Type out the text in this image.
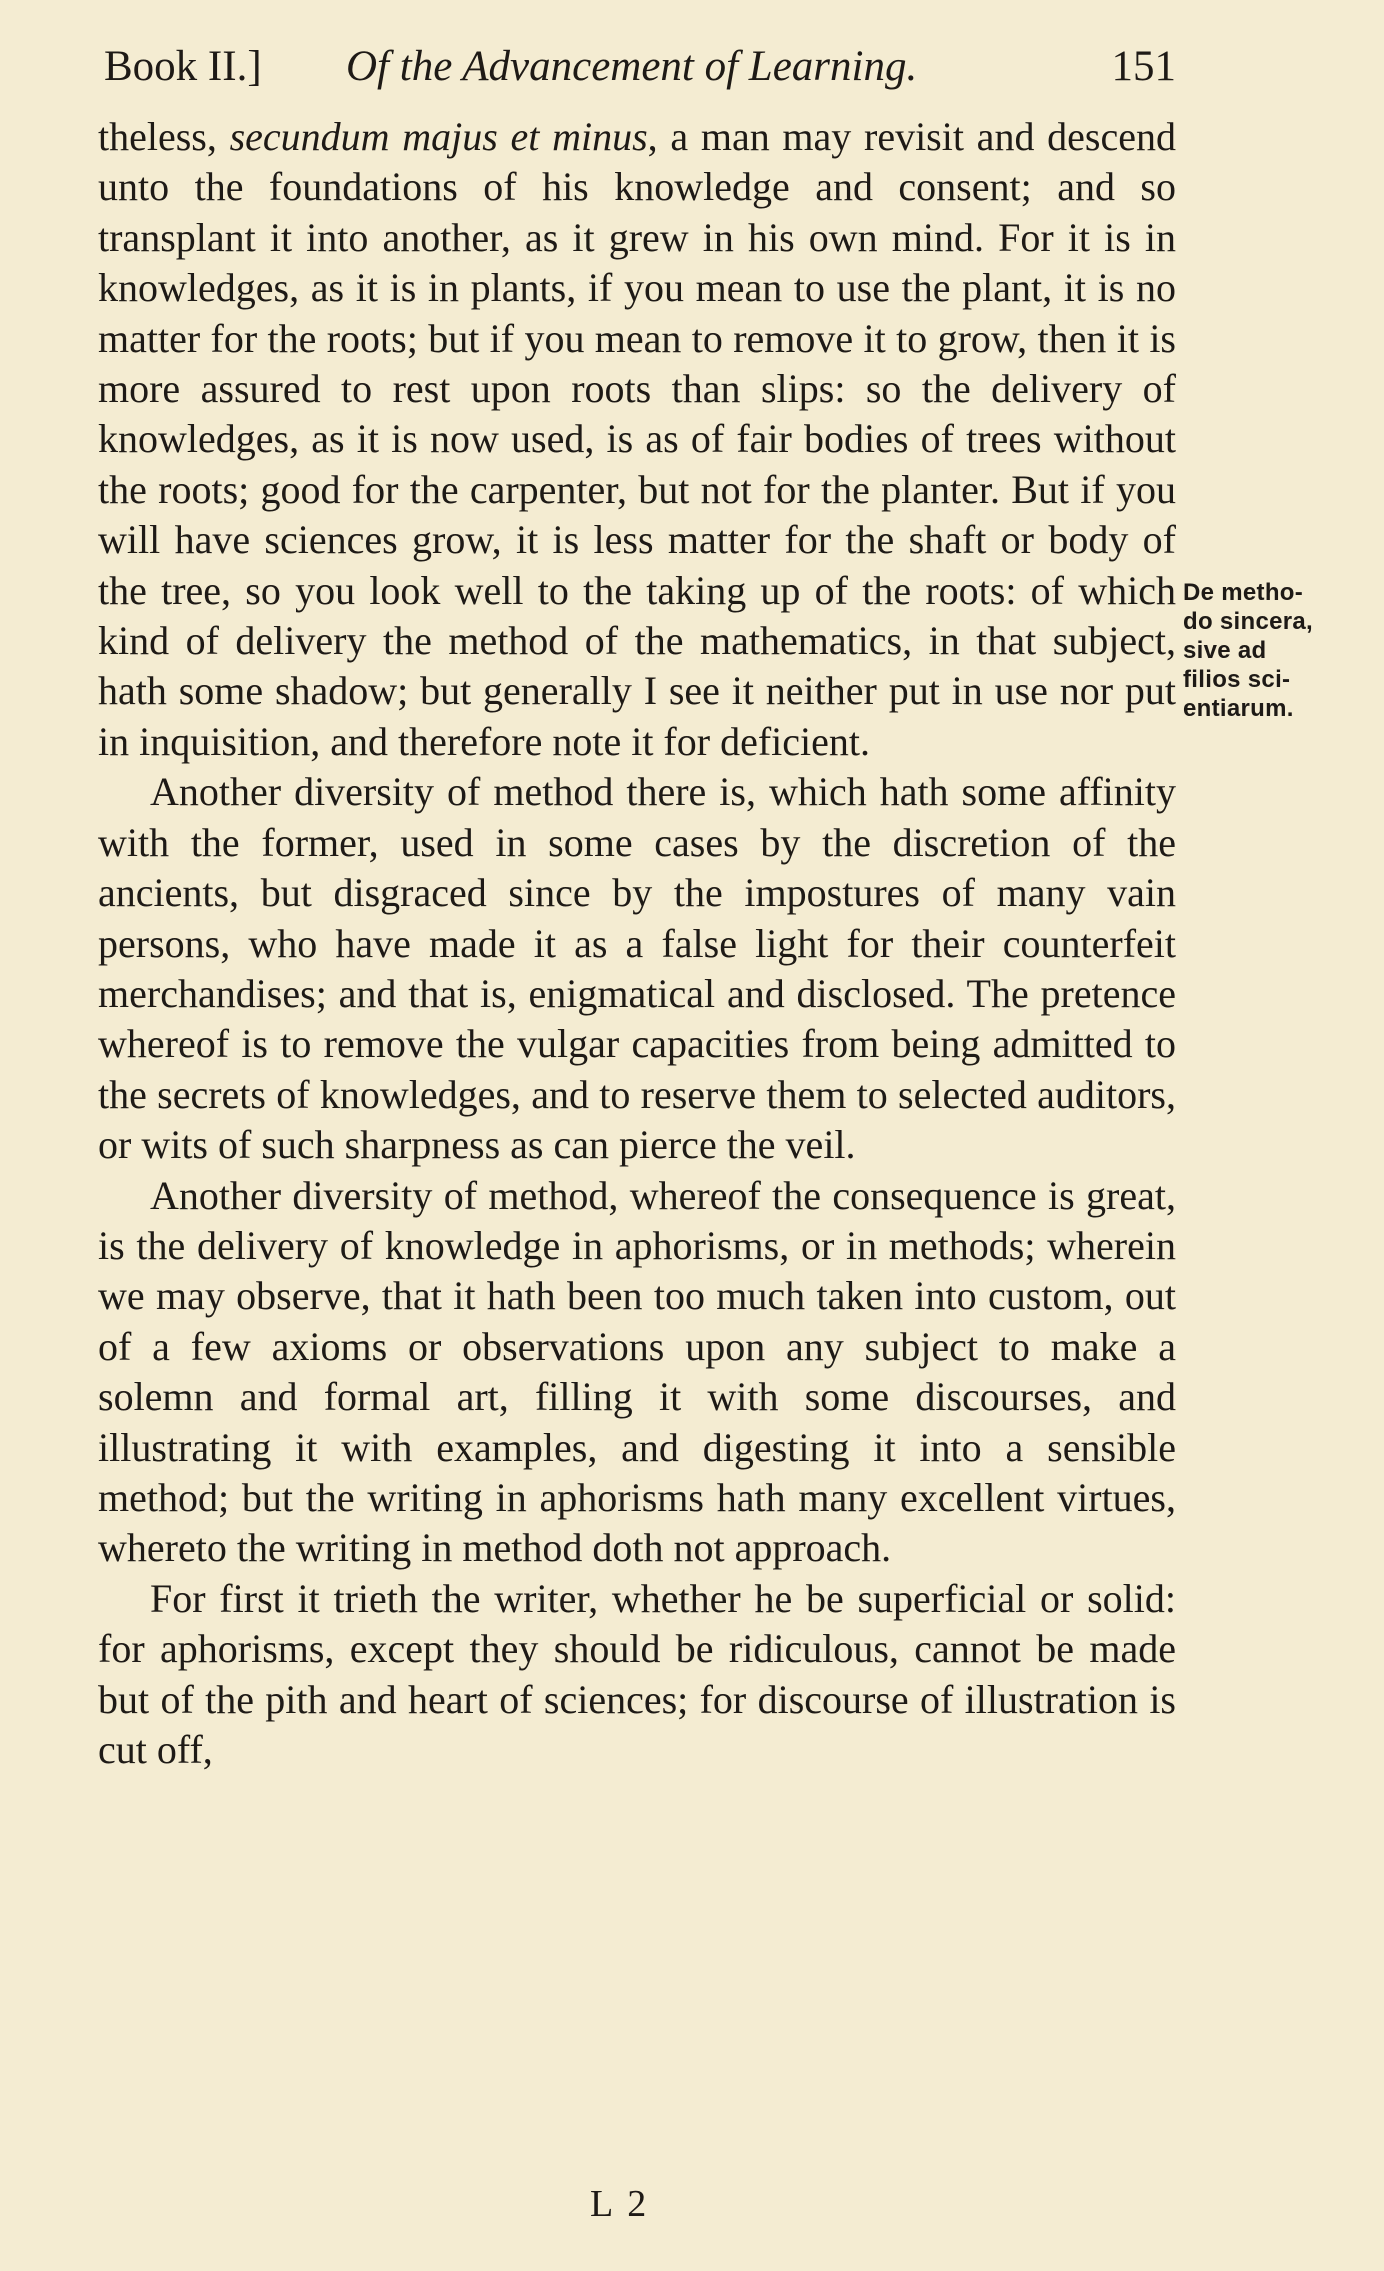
Book II.] Of the Advancement of Learning.	151

theless, secundum majus et minus, a man may revisit and descend unto the foundations of his knowledge and consent; and so transplant it into another, as it grew in his own mind. For it is in knowledges, as it is in plants, if you mean to use the plant, it is no matter for the roots; but if you mean to remove it to grow, then it is more assured to rest upon roots than slips: so the delivery of knowledges, as it is now used, is as of fair bodies of trees without the roots; good for the carpenter, but not for the planter. But if you will have sciences grow, it is less matter for the shaft or body of the tree, so you look well to the taking up of the roots: of which kind of delivery the method of the mathematics, in that subject, hath some shadow; but generally I see it neither put in use nor put in inquisition, and therefore note it for deficient.

Another diversity of method there is, which hath some affinity with the former, used in some cases by the discretion of the ancients, but disgraced since by the impostures of many vain persons, who have made it as a false light for their counterfeit merchandises; and that is, enigmatical and disclosed. The pretence whereof is to remove the vulgar capacities from being admitted to the secrets of knowledges, and to reserve them to selected auditors, or wits of such sharpness as can pierce the veil.

Another diversity of method, whereof the consequence is great, is the delivery of knowledge in aphorisms, or in methods; wherein we may observe, that it hath been too much taken into custom, out of a few axioms or observations upon any subject to make a solemn and formal art, filling it with some discourses, and illustrating it with examples, and digesting it into a sensible method; but the writing in aphorisms hath many excellent virtues, whereto the writing in method doth not approach.

For first it trieth the writer, whether he be superficial or solid: for aphorisms, except they should be ridiculous, cannot be made but of the pith and heart of sciences; for discourse of illustration is cut off,

De metho-
do sincera,
sive ad
filios sci-
entiarum.
L 2
